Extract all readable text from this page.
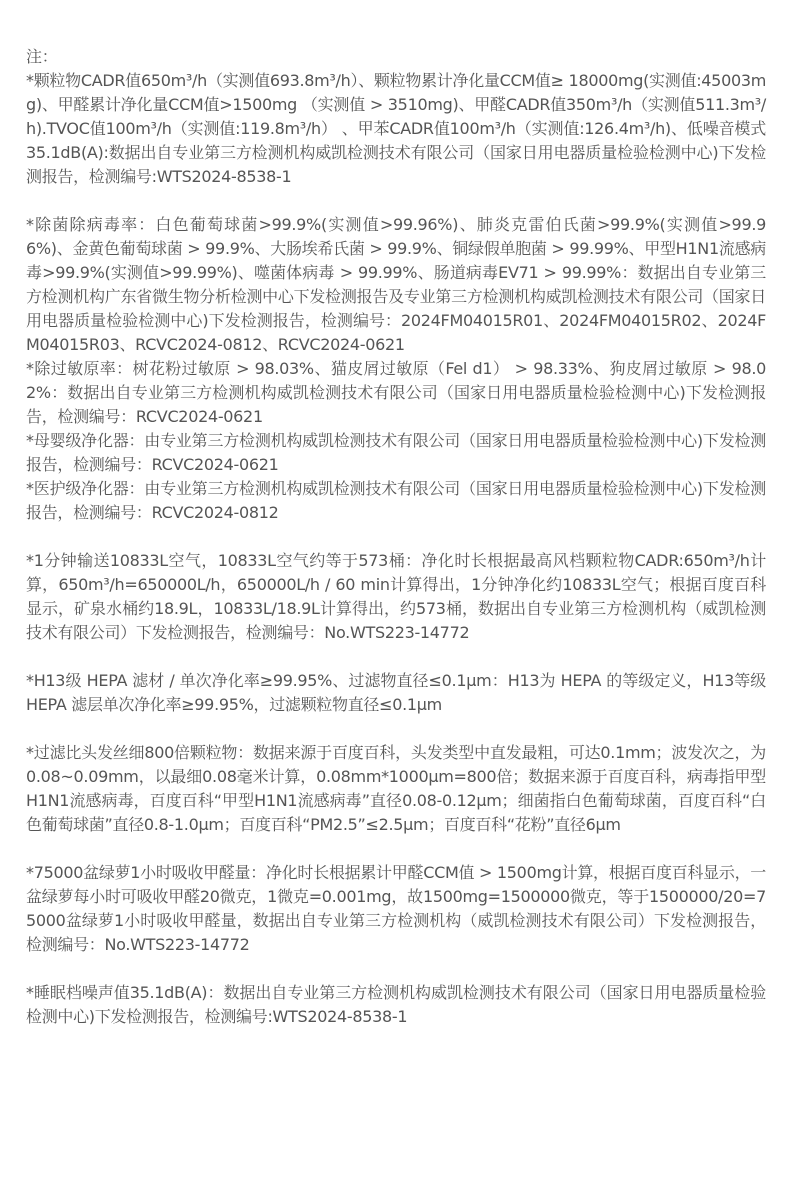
注：

*颗粒物CADR值650m³/h（实测值693.8m³/h）、颗粒物累计净化量CCM值≥ 18000mg(实测值:45003mg)、甲醛累计净化量CCM值>1500mg （实测值 > 3510mg)、甲醛CADR值350m³/h（实测值511.3m³/h).TVOC值100m³/h（实测值:119.8m³/h） 、甲苯CADR值100m³/h（实测值:126.4m³/h)、低噪音模式35.1dB(A):数据出自专业第三方检测机构威凯检测技术有限公司（国家日用电器质量检验检测中心)下发检测报告，检测编号:WTS2024-8538-1

*除菌除病毒率：白色葡萄球菌>99.9%(实测值>99.96%)、肺炎克雷伯氏菌>99.9%(实测值>99.96%)、金黄色葡萄球菌 > 99.9%、大肠埃希氏菌 > 99.9%、铜绿假单胞菌 > 99.99%、甲型H1N1流感病毒>99.9%(实测值>99.99%)、噬菌体病毒 > 99.99%、肠道病毒EV71 > 99.99%：数据出自专业第三方检测机构广东省微生物分析检测中心下发检测报告及专业第三方检测机构威凯检测技术有限公司（国家日用电器质量检验检测中心)下发检测报告，检测编号：2024FM04015R01、2024FM04015R02、2024FM04015R03、RCVC2024-0812、RCVC2024-0621

*除过敏原率：树花粉过敏原 > 98.03%、猫皮屑过敏原（Fel d1） > 98.33%、狗皮屑过敏原 > 98.02%：数据出自专业第三方检测机构威凯检测技术有限公司（国家日用电器质量检验检测中心)下发检测报告，检测编号：RCVC2024-0621

*母婴级净化器：由专业第三方检测机构威凯检测技术有限公司（国家日用电器质量检验检测中心)下发检测报告，检测编号：RCVC2024-0621

*医护级净化器：由专业第三方检测机构威凯检测技术有限公司（国家日用电器质量检验检测中心)下发检测报告，检测编号：RCVC2024-0812

*1分钟输送10833L空气，10833L空气约等于573桶：净化时长根据最高风档颗粒物CADR:650m³/h计算，650m³/h=650000L/h，650000L/h / 60 min计算得出，1分钟净化约10833L空气；根据百度百科显示，矿泉水桶约18.9L，10833L/18.9L计算得出，约573桶，数据出自专业第三方检测机构（威凯检测技术有限公司）下发检测报告，检测编号：No.WTS223-14772

*H13级 HEPA 滤材 / 单次净化率≥99.95%、过滤物直径≤0.1μm：H13为 HEPA 的等级定义，H13等级 HEPA 滤层单次净化率≥99.95%，过滤颗粒物直径≤0.1μm

*过滤比头发丝细800倍颗粒物：数据来源于百度百科，头发类型中直发最粗，可达0.1mm；波发次之，为0.08~0.09mm，以最细0.08毫米计算，0.08mm*1000μm=800倍；数据来源于百度百科，病毒指甲型H1N1流感病毒，百度百科“甲型H1N1流感病毒”直径0.08-0.12μm；细菌指白色葡萄球菌，百度百科“白色葡萄球菌”直径0.8-1.0μm；百度百科“PM2.5”≤2.5μm；百度百科“花粉”直径6μm

*75000盆绿萝1小时吸收甲醛量：净化时长根据累计甲醛CCM值 > 1500mg计算，根据百度百科显示，一盆绿萝每小时可吸收甲醛20微克，1微克=0.001mg，故1500mg=1500000微克，等于1500000/20=75000盆绿萝1小时吸收甲醛量，数据出自专业第三方检测机构（威凯检测技术有限公司）下发检测报告，检测编号：No.WTS223-14772

*睡眠档噪声值35.1dB(A)：数据出自专业第三方检测机构威凯检测技术有限公司（国家日用电器质量检验检测中心)下发检测报告，检测编号:WTS2024-8538-1
